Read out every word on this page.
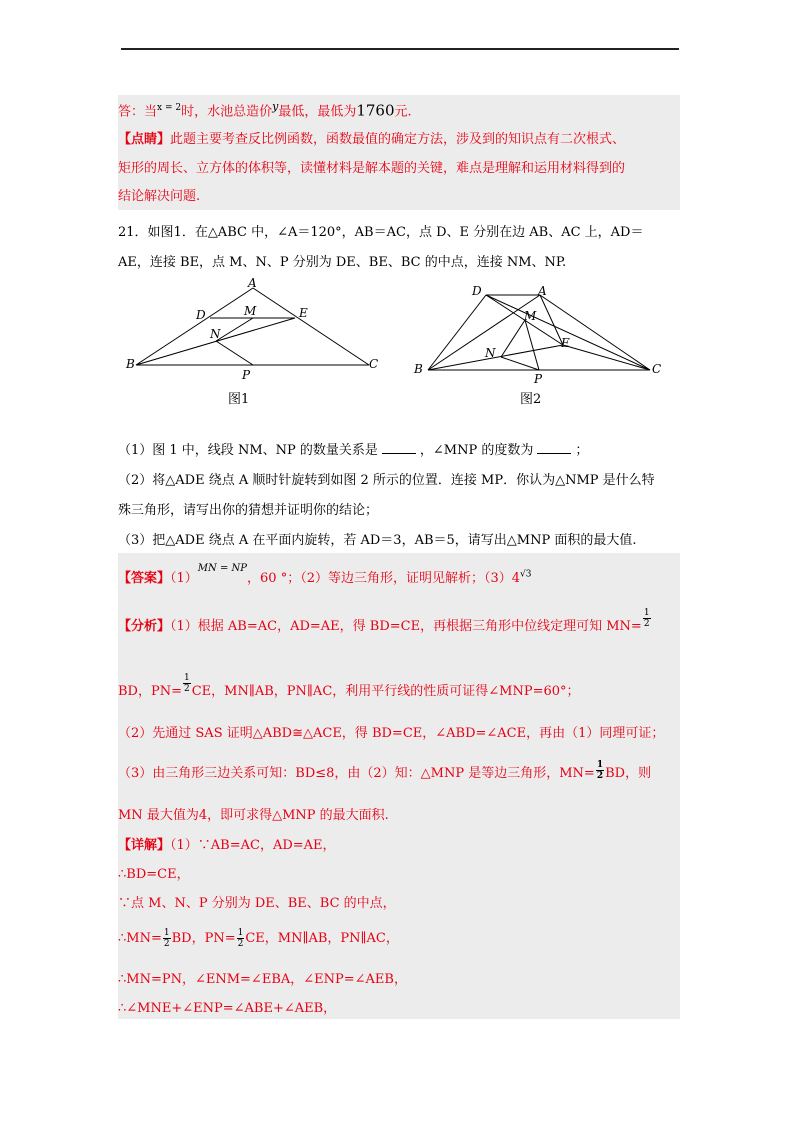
答：当$^{x = 2}$时，水池总造价$^y$最低，最低为1760元.
【点睛】此题主要考查反比例函数，函数最值的确定方法，涉及到的知识点有二次根式、
矩形的周长、立方体的体积等，读懂材料是解本题的关键，难点是理解和运用材料得到的
结论解决问题.
21．如图1．在△ABC 中，∠A＝120°，AB＝AC，点 D、E 分别在边 AB、AC 上，AD＝
AE，连接 BE，点 M、N、P 分别为 DE、BE、BC 的中点，连接 NM、NP.
A
D	M	E
N
B
P
C
图1
D	A
M
E
N
B
P
C
图2
（1）图 1 中，线段 NM、NP 的数量关系是	，∠MNP 的度数为	；
（2）将△ADE 绕点 A 顺时针旋转到如图 2 所示的位置．连接 MP．你认为△NMP 是什么特
殊三角形，请写出你的猜想并证明你的结论；
（3）把△ADE 绕点 A 在平面内旋转，若 AD＝3，AB＝5，请写出△MNP 面积的最大值.
【答案】$(1)^{MN = NP}$，60 °；（2）等边三角形，证明见解析；$(3)4^{√3}$
【分析】（1）根据 AB=AC，AD=AE，得 BD=CE，再根据三角形中位线定理可知 $MN= \frac{1}{2}$
BD，$PN= \frac{1}{2}$ CE，MN∥AB，PN∥AC，利用平行线的性质可证得∠MNP=60°；
（2）先通过 SAS 证明△ABD≅△ACE，得 BD=CE，∠ABD=∠ACE，再由（1）同理可证；
（3）由三角形三边关系可知：BD≤8，由（2）知：△MNP 是等边三角形，$MN= \frac{1}{2}$ BD，则
MN 最大值为4，即可求得△MNP 的最大面积.
【详解】（1）∵AB=AC，AD=AE，
∴BD=CE，
∵点 M、N、P 分别为 DE、BE、BC 的中点，
∴MN= $\frac{1}{2}$ BD，$PN= \frac{1}{2}$ CE，MN∥AB，PN∥AC，
∴MN=PN，∠ENM=∠EBA，∠ENP=∠AEB，
∴∠MNE+∠ENP=∠ABE+∠AEB，
